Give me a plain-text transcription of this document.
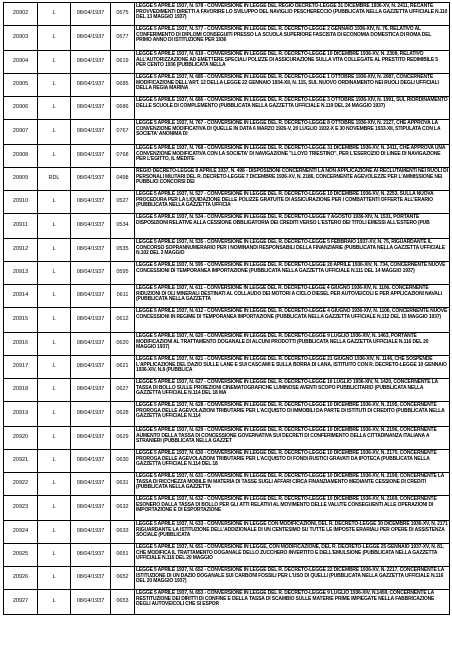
20902	L	08/04/1937	0575	LEGGE 5 APRILE 1937, N. 578 - CONVERSIONE IN LEGGE DEL REGIO DECRETO-LEGGE 31 DICEMBRE 1936-XV, N. 2411, RECANTE PROVVEDIMENTI DIRETTI A FAVORIRE LO SVILUPPO DEL NAVIGLIO PESCHERECCIO (PUBBLICATA NELLA GAZZETTA UFFICIALE N.110 DEL 13 MAGGIO 1937)
20903	L	08/04/1937	0577	LEGGE 5 APRILE 1937, N. 577 - CONVERSIONE IN LEGGE DEL R. DECRETO-LEGGE 2 GENNAIO 1936-XIV, N. 76, RELATIVO AL CONFERIMENTO DI DIPLOMI CONSEGUITI PRESSO LA SCUOLA SUPERIORE FASCISTA DI ECONOMIA DOMESTICA DI ROMA DEL PRIMO ANNO DI ISTITUZIONE PER 1936
20904	L	08/04/1937	0619	LEGGE 5 APRILE 1937, N. 619 - CONVERSIONE IN LEGGE DEL R. DECRETO-LEGGE 10 DICEMBRE 1936-XV, N. 2308, RELATIVO ALL'AUTORIZZAZIONE AD EMETTERE SPECIALI POLIZZE DI ASSICURAZIONE SULLA VITA COLLEGATE AL PRESTITO REDIMIBILE 5 PER CENTO 1936 (PUBBLICATA NELLA
20905	L	08/04/1937	0685	LEGGE 5 APRILE 1937, N. 685 - CONVERSIONE IN LEGGE DEL R. DECRETO-LEGGE 1 OTTOBRE 1936-XIV, N. 2087, CONCERNENTE MODIFICAZIONE DELL'ART. 12 DELLA LEGGE 22 GENNAIO 1934-XII, N. 115, SUL NUOVO ORDINAMENTO NEI RUOLI DEGLI UFFICIALI DELLA REGIA MARINA
20906	L	08/04/1937	0686	LEGGE 5 APRILE 1937, N. 686 - CONVERSIONE IN LEGGE DEL R. DECRETO-LEGGE 3 OTTOBRE 1936-XIV, N. 1991, SUL RIORDINAMENTO DELLE SCUOLE DI COMPLEMENTO (PUBBLICATA NELLA GAZZETTA UFFICIALE N.119 DEL 24 MAGGIO 1937)
20907	L	08/04/1937	0767	LEGGE 5 APRILE 1937, N. 767 - CONVERSIONE IN LEGGE DEL R. DECRETO-LEGGE 8 OTTOBRE 1936-XIV, N. 2127, CHE APPROVA LA CONVENZIONE MODIFICATIVA DI QUELLE IN DATA 6 MARZO 1926-V, 20 LUGLIO 1932-X E 30 NOVEMBRE 1933-XII, STIPULATA CON LA SOCIETA' ANONIMA DI
20908	L	08/04/1937	0768	LEGGE 5 APRILE 1937, N. 768 - CONVERSIONE IN LEGGE DEL R. DECRETO-LEGGE 31 DICEMBRE 1936-XV, N. 2411, CHE APPROVA UNA CONVENZIONE MODIFICATIVA CON LA SOCIETA' DI NAVIGAZIONE "LLOYD TRIESTINO", PER L'ESERCIZIO DI LINEE DI NAVIGAZIONE PER L'EGITTO, IL MEDITE
20909	RDL	08/04/1937	0498	REGIO DECRETO-LEGGE 8 APRILE 1937, N. 498 - DISPOSIZIONI CONCERNENTI LA NON APPLICAZIONE AI RECLUTAMENTI NEI RUOLI DI PERSONALI MILITARI DEL R. DECRETO-LEGGE 7 DICEMBRE 1936-XV, N. 2186, CONCERNENTE AGEVOLEZZE PER L'AMMISSIONE NEI PUBBLICI CONCORSI DEI
20910	L	08/04/1937	0527	LEGGE 5 APRILE 1937, N. 527 - CONVERSIONE IN LEGGE DEL R. DECRETO-LEGGE 10 DICEMBRE 1936-XV, N. 2253, SULLA NUOVA PROCEDURA PER LA LIQUIDAZIONE DELLE POLIZZE GRATUITE DI ASSICURAZIONE PER I COMBATTENTI OFFERTE ALL'ERARIO (PUBBLICATA NELLA GAZZETTA UFFICIA
20911	L	08/04/1937	0534	LEGGE 5 APRILE 1937, N. 534 - CONVERSIONE IN LEGGE DEL R. DECRETO-LEGGE 7 AGOSTO 1936-XIV, N. 1531, PORTANTE DISPOSIZIONI RELATIVE ALLA CESSIONE OBBLIGATORIA DEI CREDITI VERSO L'ESTERO DEI TITOLI EMESSI ALL'ESTERO (PUB
20912	L	08/04/1937	0535	LEGGE 5 APRILE 1937, N. 535 - CONVERSIONE IN LEGGE DEL R. DECRETO-LEGGE 5 FEBBRAIO 1937-XV, N. 75, RIGUARDANTE IL CONCORSO SOPRANNUMERARIO PER I NOMINANDI RESPONSABILI DELLA FINANZIARIE (PUBBLICATA NELLA GAZZETTA UFFICIALE N.102 DEL 3 MAGGIO
20913	L	08/04/1937	0595	LEGGE 5 APRILE 1937, N. 595 - CONVERSIONE IN LEGGE DEL R. DECRETO-LEGGE 20 APRILE 1936-XIV, N. 734, CONCERNENTE NUOVE CONCESSIONI DI TEMPORANEA IMPORTAZIONE (PUBBLICATA NELLA GAZZETTA UFFICIALE N.111 DEL 14 MAGGIO 1937)
20914	L	08/04/1937	0611	LEGGE 5 APRILE 1937, N. 611 - CONVERSIONE IN LEGGE DEL R. DECRETO-LEGGE 4 GIUGNO 1936-XIV, N. 1106, CONCERNENTE RIDUZIONI DI OLI MINERALI DESTINATI AL COLLAUDO DEI MOTORI A CICLO DIESEL PER AUTOVEICOLI E PER APPLICAZIONI NAVALI (PUBBLICATA NELLA GAZZETTA
20915	L	08/04/1937	0612	LEGGE 5 APRILE 1937, N. 612 - CONVERSIONE IN LEGGE DEL R. DECRETO-LEGGE 4 GIUGNO 1936-XIV, N. 1106, CONCERNENTE NUOVE CONCESSIONI IN REGIME DI TEMPORANEA IMPORTAZIONE (PUBBLICATA NELLA GAZZETTA UFFICIALE N.112 DEL 15 MAGGIO 1937)
20916	L	08/04/1937	0620	LEGGE 5 APRILE 1937, N. 620 - CONVERSIONE IN LEGGE DEL R. DECRETO-LEGGE 9 LUGLIO 1936-XIV, N. 1463, PORTANTE MODIFICAZIONI AL TRATTAMENTO DOGANALE DI ALCUNI PRODOTTI (PUBBLICATA NELLA GAZZETTA UFFICIALE N.116 DEL 20 MAGGIO 1937)
20917	L	08/04/1937	0621	LEGGE 5 APRILE 1937, N. 621 - CONVERSIONE IN LEGGE DEL R. DECRETO-LEGGE 21 GIUGNO 1936-XIV, N. 1146, CHE SOSPENDE L'APPLICAZIONE DEL DAZIO SULLE LANE E SUI CASCAMI E SULLA BORRA DI LANA, ISTITUITO CON R. DECRETO-LEGGE 10 GENNAIO 1936-XIV, N.8 (PUBBLICA
20918	L	08/04/1937	0627	LEGGE 5 APRILE 1937, N. 627 - CONVERSIONE IN LEGGE DEL R. DECRETO-LEGGE 16 LUGLIO 1936-XIV, N. 1420, CONCERNENTE LA TASSA DI BOLLO SULLE PROIEZIONI CINEMATOGRAFICHE LUMINOSE AVENTI SCOPO PUBBLICITARIO (PUBBLICATA NELLA GAZZETTA UFFICIALE N.114 DEL 18 MA
20919	L	08/04/1937	0628	LEGGE 5 APRILE 1937, N. 628 - CONVERSIONE IN LEGGE DEL R. DECRETO-LEGGE 10 DICEMBRE 1936-XV, N. 2195, CONCERNENTE PROROGA DELLE AGEVOLAZIONI TRIBUTARIE PER L'ACQUISTO DI IMMOBILI DA PARTE DI ISTITUTI DI CREDITO (PUBBLICATA NELLA GAZZETTA UFFICIALE N.114
20920	L	08/04/1937	0629	LEGGE 5 APRILE 1937, N. 629 - CONVERSIONE IN LEGGE DEL R. DECRETO-LEGGE 10 DICEMBRE 1936-XV, N. 2196, CONCERNENTE AUMENTO DELLA TASSA DI CONCESSIONE GOVERNATIVA SUI DECRETI DI CONFERIMENTO DELLA CITTADINANZA ITALIANA A STRANIERI (PUBBLICATA NELLA GAZZET
20921	L	08/04/1937	0630	LEGGE 5 APRILE 1937, N. 630 - CONVERSIONE IN LEGGE DEL R. DECRETO-LEGGE 10 DICEMBRE 1936-XV, N. 2170, CONCERNENTE PROROGA DELLE AGEVOLAZIONI TRIBUTARIE PER L'ACQUISTO DI FONDI RUSTICI GRAVATI DA IPOTECA (PUBBLICATA NELLA GAZZETTA UFFICIALE N.114 DEL 18
20922	L	08/04/1937	0631	LEGGE 5 APRILE 1937, N. 631 - CONVERSIONE IN LEGGE DEL R. DECRETO-LEGGE 10 DICEMBRE 1936-XV, N. 2199, CONCERNENTE LA TASSA DI RICCHEZZA MOBILE IN MATERIA DI TASSE SUGLI AFFARI CIRCA FINANZIAMENTO MEDIANTE CESSIONE DI CREDITI (PUBBLICATA NELLA GAZZETTA
20923	L	08/04/1937	0632	LEGGE 5 APRILE 1937, N. 632 - CONVERSIONE IN LEGGE DEL R. DECRETO-LEGGE 10 DICEMBRE 1936-XV, N. 2169, CONCERNENTE ESONERO DALLA TASSA DI BOLLO PER GLI ATTI RELATIVI AL MOVIMENTO DELLE VALUTE CONSEGUENTI ALLE OPERAZIONI DI IMPORTAZIONE E DI ESPORTAZIONE
20924	L	08/04/1937	0633	LEGGE 5 APRILE 1937, N. 633 - CONVERSIONE IN LEGGE CON MODIFICAZIONI, DEL R. DECRETO-LEGGE 30 DICEMBRE 1936-XV, N. 2171 RIGUARDANTE LA ISTITUZIONE DELL'ADDIZIONALE DI UN CENTESIMO SU TUTTE LE IMPOSTE ERARIALI PER OPERE DI ASSISTENZA SOCIALE (PUBBLICATA
20925	L	08/04/1937	0651	LEGGE 5 APRILE 1937, N. 651 - CONVERSIONE IN LEGGE, CON MODIFICAZIONE, DEL R. DECRETO-LEGGE 25 GENNAIO 1937-XV, N. 81, CHE MODIFICA IL TRATTAMENTO DOGANALE DELLO ZUCCHERO INVERTITO E DELL'EMULSIONE (PUBBLICATA NELLA GAZZETTA UFFICIALE N.116 DEL 20 MAGGIO
20926	L	08/04/1937	0652	LEGGE 5 APRILE 1937, N. 652 - CONVERSIONE IN LEGGE DEL R. DECRETO-LEGGE 22 DICEMBRE 1936-XV, N. 2217, CONCERNENTE LA ISTITUZIONE DI UN DAZIO DOGANALE SUI CARBONI FOSSILI PER L'USO DI QUELLI (PUBBLICATA NELLA GAZZETTA UFFICIALE N.116 DEL 20 MAGGIO 1937)
20927	L	08/04/1937	0653	LEGGE 5 APRILE 1937, N. 653 - CONVERSIONE IN LEGGE DEL R. DECRETO-LEGGE 9 LUGLIO 1936-XIV, N.1459, CONCERNENTE LA RESTITUZIONE DEI DIRITTI DI CONFINE E DELLA TASSA DI SCAMBIO SULLE MATERIE PRIME IMPIEGATE NELLA FABBRICAZIONE DEGLI AUTOVEICOLI CHE SI ESPOR
